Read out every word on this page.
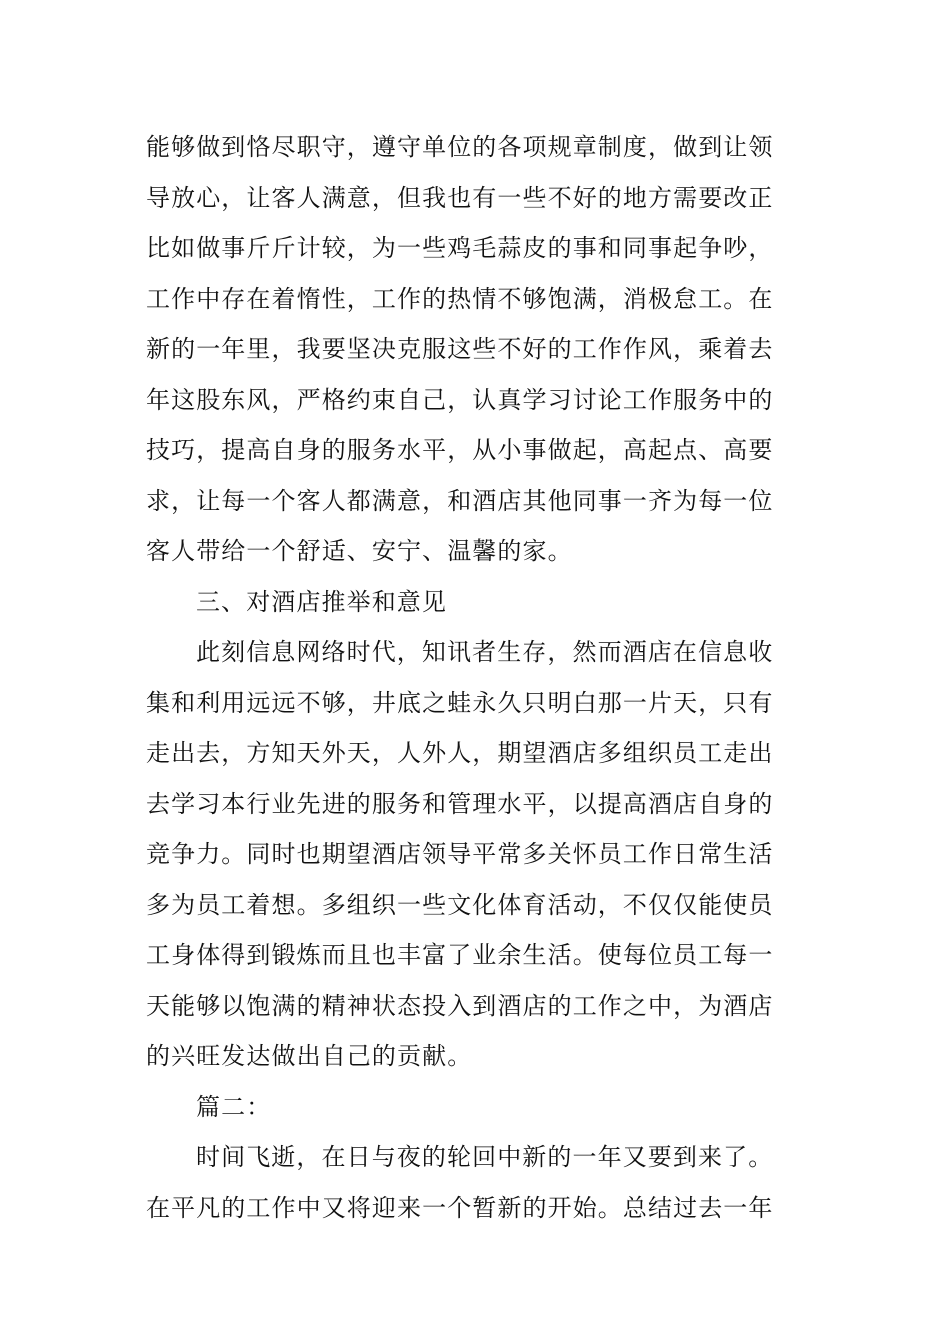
能够做到恪尽职守，遵守单位的各项规章制度，做到让领
导放心，让客人满意，但我也有一些不好的地方需要改正
比如做事斤斤计较，为一些鸡毛蒜皮的事和同事起争吵，
工作中存在着惰性，工作的热情不够饱满，消极怠工。在
新的一年里，我要坚决克服这些不好的工作作风，乘着去
年这股东风，严格约束自己，认真学习讨论工作服务中的
技巧，提高自身的服务水平，从小事做起，高起点、高要
求，让每一个客人都满意，和酒店其他同事一齐为每一位
客人带给一个舒适、安宁、温馨的家。
三、对酒店推举和意见
此刻信息网络时代，知讯者生存，然而酒店在信息收
集和利用远远不够，井底之蛙永久只明白那一片天，只有
走出去，方知天外天，人外人，期望酒店多组织员工走出
去学习本行业先进的服务和管理水平，以提高酒店自身的
竞争力。同时也期望酒店领导平常多关怀员工作日常生活
多为员工着想。多组织一些文化体育活动，不仅仅能使员
工身体得到锻炼而且也丰富了业余生活。使每位员工每一
天能够以饱满的精神状态投入到酒店的工作之中，为酒店
的兴旺发达做出自己的贡献。
篇二：
时间飞逝，在日与夜的轮回中新的一年又要到来了。
在平凡的工作中又将迎来一个暂新的开始。总结过去一年
